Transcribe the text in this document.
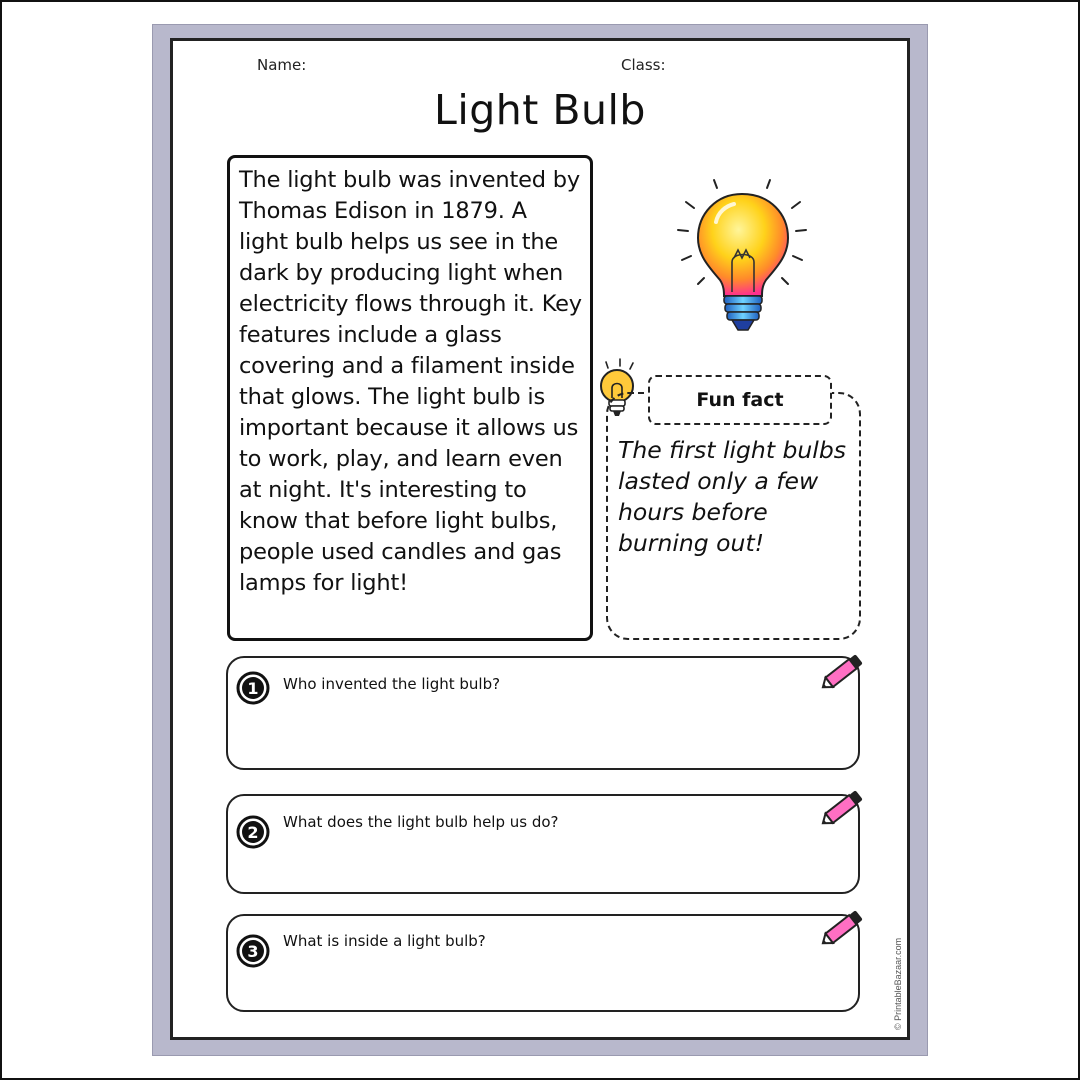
Name:	Class:
Light Bulb

The light bulb was invented by Thomas Edison in 1879. A light bulb helps us see in the dark by producing light when electricity flows through it. Key features include a glass covering and a filament inside that glows. The light bulb is important because it allows us to work, play, and learn even at night. It's interesting to know that before light bulbs, people used candles and gas lamps for light!

Fun fact
The first light bulbs lasted only a few hours before burning out!
1 Who invented the light bulb?
2
What does the light bulb help us do?
3
What is inside a light bulb?	© PrintableBazaar.com
